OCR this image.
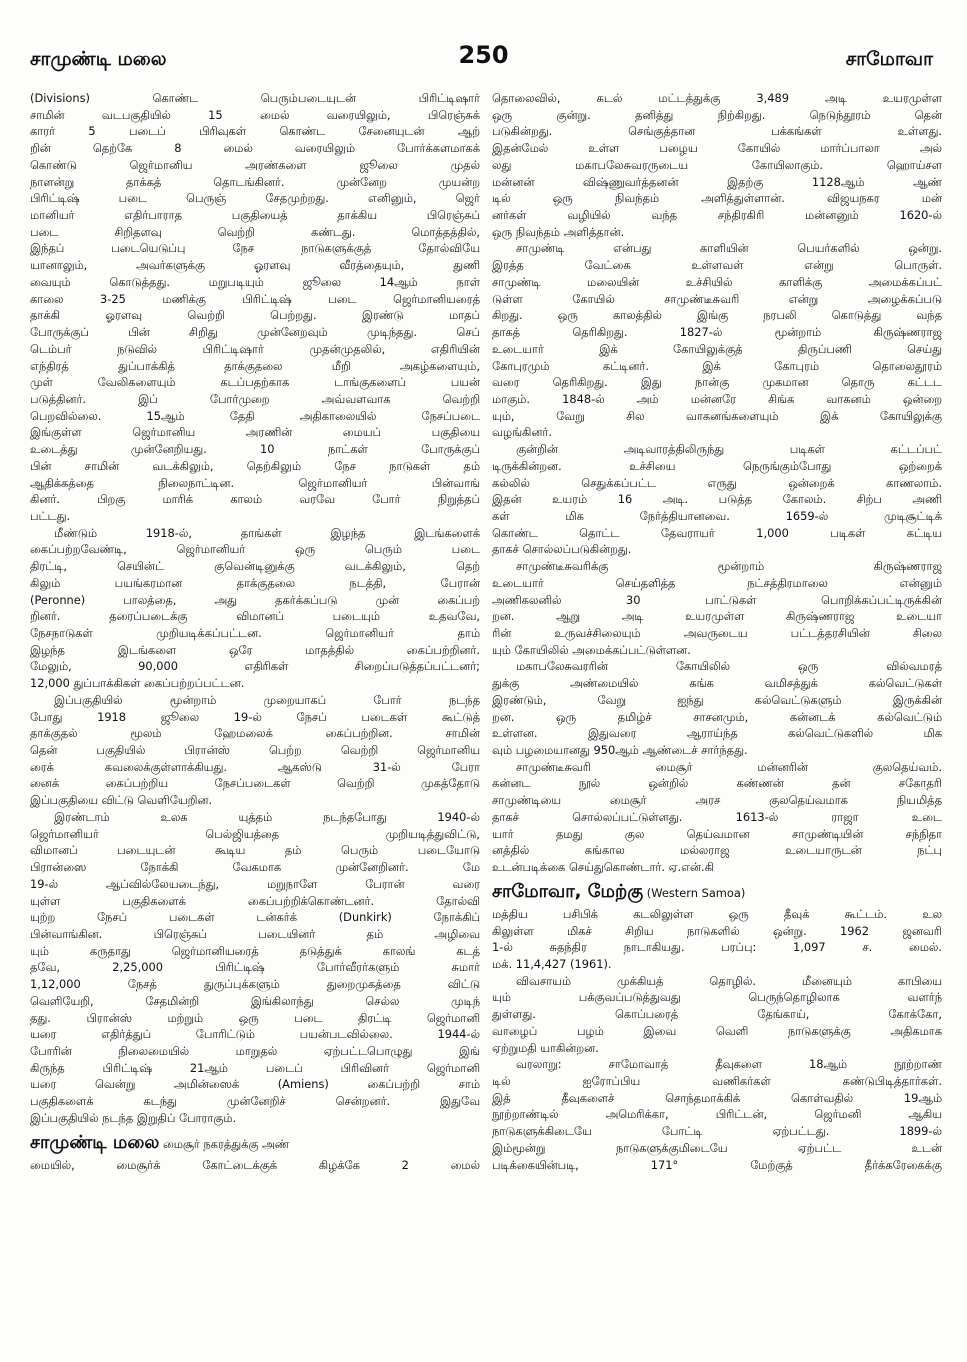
சாமுண்டி மலை	250	சாமோவா
(Divisions) கொண்ட பெரும்படையுடன் பிரிட்டிஷார்
சாமின் வடபகுதியில் 15 மைல் வரையிலும், பிரெஞ்சுக்
காரர் 5 படைப் பிரிவுகள் கொண்ட சேனையுடன் ஆற்
றின் தெற்கே 8 மைல் வரையிலும் போர்க்களமாகக்
கொண்டு ஜெர்மானிய அரண்களை ஜூலை முதல்
நாளன்று தாக்கத் தொடங்கினர். முன்னேற முயன்ற
பிரிட்டிஷ் படை பெருஞ் சேதமுற்றது. எனினும், ஜெர்
மானியர் எதிர்பாராத பகுதியைத் தாக்கிய பிரெஞ்சுப்
படை சிறிதளவு வெற்றி கண்டது. மொத்தத்தில்,
இந்தப் படையெடுப்பு நேச நாடுகளுக்குத் தோல்வியே
யானாலும், அவர்களுக்கு ஓரளவு வீரத்தையும், துணி
வையும் கொடுத்தது. மறுபடியும் ஜூலை 14ஆம் நாள்
காலை 3-25 மணிக்கு பிரிட்டிஷ் படை ஜெர்மானியரைத்
தாக்கி ஓரளவு வெற்றி பெற்றது. இரண்டு மாதப்
போருக்குப் பின் சிறிது முன்னேறவும் முடிந்தது. செப்
டெம்பர் நடுவில் பிரிட்டிஷார் முதன்முதலில், எதிரியின்
எந்திரத் துப்பாக்கித் தாக்குதலை மீறி அகழ்களையும்,
முள் வேலிகளையும் கடப்பதற்காக டாங்குகளைப் பயன்
படுத்தினர். இப் போர்முறை அவ்வளவாக வெற்றி
பெறவில்லை. 15ஆம் தேதி அதிகாலையில் நேசப்படை
இங்குள்ள ஜெர்மானிய அரணின் மையப் பகுதியை
உடைத்து முன்னேறியது. 10 நாட்கள் போருக்குப்
பின் சாமின் வடக்கிலும், தெற்கிலும் நேச நாடுகள் தம்
ஆதிக்கத்தை நிலைநாட்டின. ஜெர்மானியர் பின்வாங்
கினர். பிறகு மாரிக் காலம் வரவே போர் நிறுத்தப்
பட்டது.
மீண்டும் 1918-ல், தாங்கள் இழந்த இடங்களைக்
கைப்பற்றவேண்டி, ஜெர்மானியர் ஒரு பெரும் படை
திரட்டி, செயின்ட் குவென்டினுக்கு வடக்கிலும், தெற்
கிலும் பயங்கரமான தாக்குதலை நடத்தி, பேரான்
(Peronne) பாலத்தை, அது தகர்க்கப்படு முன் கைப்பற்
றினர். தரைப்படைக்கு விமானப் படையும் உதவவே,
நேசநாடுகள் முறியடிக்கப்பட்டன. ஜெர்மானியர் தாம்
இழந்த இடங்களை ஒரே மாதத்தில் கைப்பற்றினர்.
மேலும், 90,000 எதிரிகள் சிறைப்படுத்தப்பட்டனர்;
12,000 துப்பாக்கிகள் கைப்பற்றப்பட்டன.
இப்பகுதியில் மூன்றாம் முறையாகப் போர் நடந்த
போது 1918 ஜூலை 19-ல் நேசப் படைகள் கூட்டுத்
தாக்குதல் மூலம் ஹேமலைக் கைப்பற்றின. சாமின்
தென் பகுதியில் பிரான்ஸ் பெற்ற வெற்றி ஜெர்மானிய
ரைக் கவலைக்குள்ளாக்கியது. ஆகஸ்டு 31-ல் பேரா
னைக் கைப்பற்றிய நேசப்படைகள் வெற்றி முகத்தோடு
இப்பகுதியை விட்டு வெளியேறின.
இரண்டாம் உலக யுத்தம் நடந்தபோது 1940-ல்
ஜெர்மானியர் பெல்ஜியத்தை முறியடித்துவிட்டு,
விமானப் படையுடன் கூடிய தம் பெரும் படையோடு
பிரான்ஸை நோக்கி வேகமாக முன்னேறினர். மே
19-ல் ஆப்வில்லேயடைந்து, மறுநாளே பேரான் வரை
யுள்ள பகுதிகளைக் கைப்பற்றிக்கொண்டனர். தோல்வி
யுற்ற நேசப் படைகள் டன்கர்க் (Dunkirk) நோக்கிப்
பின்வாங்கின. பிரெஞ்சுப் படையினர் தம் அழிவை
யும் கருதாது ஜெர்மானியரைத் தடுத்துக் காலங் கடத்
தவே, 2,25,000 பிரிட்டிஷ் போர்வீரர்களும் சுமார்
1,12,000 நேசத் துருப்புக்களும் துறைமுகத்தை விட்டு
வெளியேறி, சேதமின்றி இங்கிலாந்து செல்ல முடிந்
தது. பிரான்ஸ் மற்றும் ஒரு படை திரட்டி ஜெர்மானி
யரை எதிர்த்துப் போரிட்டும் பயன்படவில்லை. 1944-ல்
போரின் நிலைமையில் மாறுதல் ஏற்பட்டபொழுது இங்
கிருந்த பிரிட்டிஷ் 21ஆம் படைப் பிரிவினர் ஜெர்மானி
யரை வென்று அமின்ஸைக் (Amiens) கைப்பற்றி சாம்
பகுதிகளைக் கடந்து முன்னேறிச் சென்றனர். இதுவே
இப்பகுதியில் நடந்த இறுதிப் போராகும்.
சாமுண்டி மலை மைசூர் நகரத்துக்கு அண்
மையில், மைசூர்க் கோட்டைக்குக் கிழக்கே 2 மைல்
தொலைவில், கடல் மட்டத்துக்கு 3,489 அடி உயரமுள்ள
ஒரு குன்று. தனித்து நிற்கிறது. நெடுந்தூரம் தென்
படுகின்றது. செங்குத்தான பக்கங்கள் உள்ளது.
இதன்மேல் உள்ள பழைய கோயில் மார்ப்பாலா அல்
லது மகாபலேசுவரருடைய கோயிலாகும். ஹொய்சள
மன்னன் விஷ்ணுவர்த்தனன் இதற்கு 1128ஆம் ஆண்
டில் ஒரு நிவந்தம் அளித்துள்ளான். விஜயநகர மன்
னர்கள் வழியில் வந்த சந்திரகிரி மன்னனும் 1620-ல்
ஒரு நிவந்தம் அளித்தான்.
சாமுண்டி என்பது காளியின் பெயர்களில் ஒன்று.
இரத்த வேட்கை உள்ளவள் என்று பொருள்.
சாமுண்டி மலையின் உச்சியில் காளிக்கு அமைக்கப்பட்
டுள்ள கோயில் சாமுண்டீசுவரி என்று அழைக்கப்படு
கிறது. ஒரு காலத்தில் இங்கு நரபலி கொடுத்து வந்த
தாகத் தெரிகிறது. 1827-ல் மூன்றாம் கிருஷ்ணராஜ
உடையார் இக் கோயிலுக்குத் திருப்பணி செய்து
கோபுரமும் கட்டினர். இக் கோபுரம் தொலைதூரம்
வரை தெரிகிறது. இது நான்கு முகமான தொரு கட்டட
மாகும். 1848-ல் அம் மன்னரே சிங்க வாகனம் ஒன்றை
யும், வேறு சில வாகனங்களையும் இக் கோயிலுக்கு
வழங்கினர்.
குன்றின் அடிவாரத்திலிருந்து படிகள் கட்டப்பட்
டிருக்கின்றன. உச்சியை நெருங்கும்போது ஒற்றைக்
கல்லில் செதுக்கப்பட்ட எருது ஒன்றைக் காணலாம்.
இதன் உயரம் 16 அடி. படுத்த கோலம். சிற்ப அணி
கள் மிக நேர்த்தியானவை. 1659-ல் முடிசூட்டிக்
கொண்ட தொட்ட தேவராயர் 1,000 படிகள் கட்டிய
தாகச் சொல்லப்படுகின்றது.
சாமுண்டீசுவரிக்கு மூன்றாம் கிருஷ்ணராஜ
உடையார் செய்தளித்த நட்சத்திரமாலை என்னும்
அணிகலனில் 30 பாட்டுகள் பொறிக்கப்பட்டிருக்கின்
றன. ஆறு அடி உயரமுள்ள கிருஷ்ணராஜ உடையா
ரின் உருவச்சிலையும் அவருடைய பட்டத்தரசியின் சிலை
யும் கோயிலில் அமைக்கப்பட்டுள்ளன.
மகாபலேசுவரரின் கோயிலில் ஒரு வில்வமரத்
துக்கு அண்மையில் கங்க வமிசத்துக் கல்வெட்டுகள்
இரண்டும், வேறு ஐந்து கல்வெட்டுகளும் இருக்கின்
றன. ஒரு தமிழ்ச் சாசனமும், கன்னடக் கல்வெட்டும்
உள்ளன. இதுவரை ஆராய்ந்த கல்வெட்டுகளில் மிக
வும் பழமையானது 950ஆம் ஆண்டைச் சார்ந்தது.
சாமுண்டீசுவரி மைசூர் மன்னரின் குலதெய்வம்.
கன்னட நூல் ஒன்றில் கண்ணன் தன் சகோதரி
சாமுண்டியை மைசூர் அரச குலதெய்வமாக நியமித்த
தாகச் சொல்லப்பட்டுள்ளது. 1613-ல் ராஜா உடை
யார் தமது குல தெய்வமான சாமுண்டியின் சந்நிதா
னத்தில் கங்கால மல்லராஜ உடையாருடன் நட்பு
உடன்படிக்கை செய்துகொண்டார். ஏ.என்.கி
சாமோவா, மேற்கு (Western Samoa)
மத்திய பசிபிக் கடலிலுள்ள ஒரு தீவுக் கூட்டம். உல
கிலுள்ள மிகச் சிறிய நாடுகளில் ஒன்று. 1962 ஜனவரி
1-ல் சுதந்திர நாடாகியது. பரப்பு: 1,097 ச. மைல்.
மக். 11,4,427 (1961).
விவசாயம் முக்கியத் தொழில். மீனையும் காபியை
யும் பக்குவப்படுத்துவது பெருந்தொழிலாக வளர்ந்
துள்ளது. கொப்பரைத் தேங்காய், கோக்கோ,
வாழைப் பழம் இவை வெளி நாடுகளுக்கு அதிகமாக
ஏற்றுமதி யாகின்றன.
வரலாறு: சாமோவாத் தீவுகளை 18ஆம் நூற்றாண்
டில் ஐரோப்பிய வணிகர்கள் கண்டுபிடித்தார்கள்.
இத் தீவுகளைச் சொந்தமாக்கிக் கொள்வதில் 19ஆம்
நூற்றாண்டில் அமெரிக்கா, பிரிட்டன், ஜெர்மனி ஆகிய
நாடுகளுக்கிடையே போட்டி ஏற்பட்டது. 1899-ல்
இம்மூன்று நாடுகளுக்குமிடையே ஏற்பட்ட உடன்
படிக்கையின்படி, 171° மேற்குத் தீர்க்கரேகைக்கு
